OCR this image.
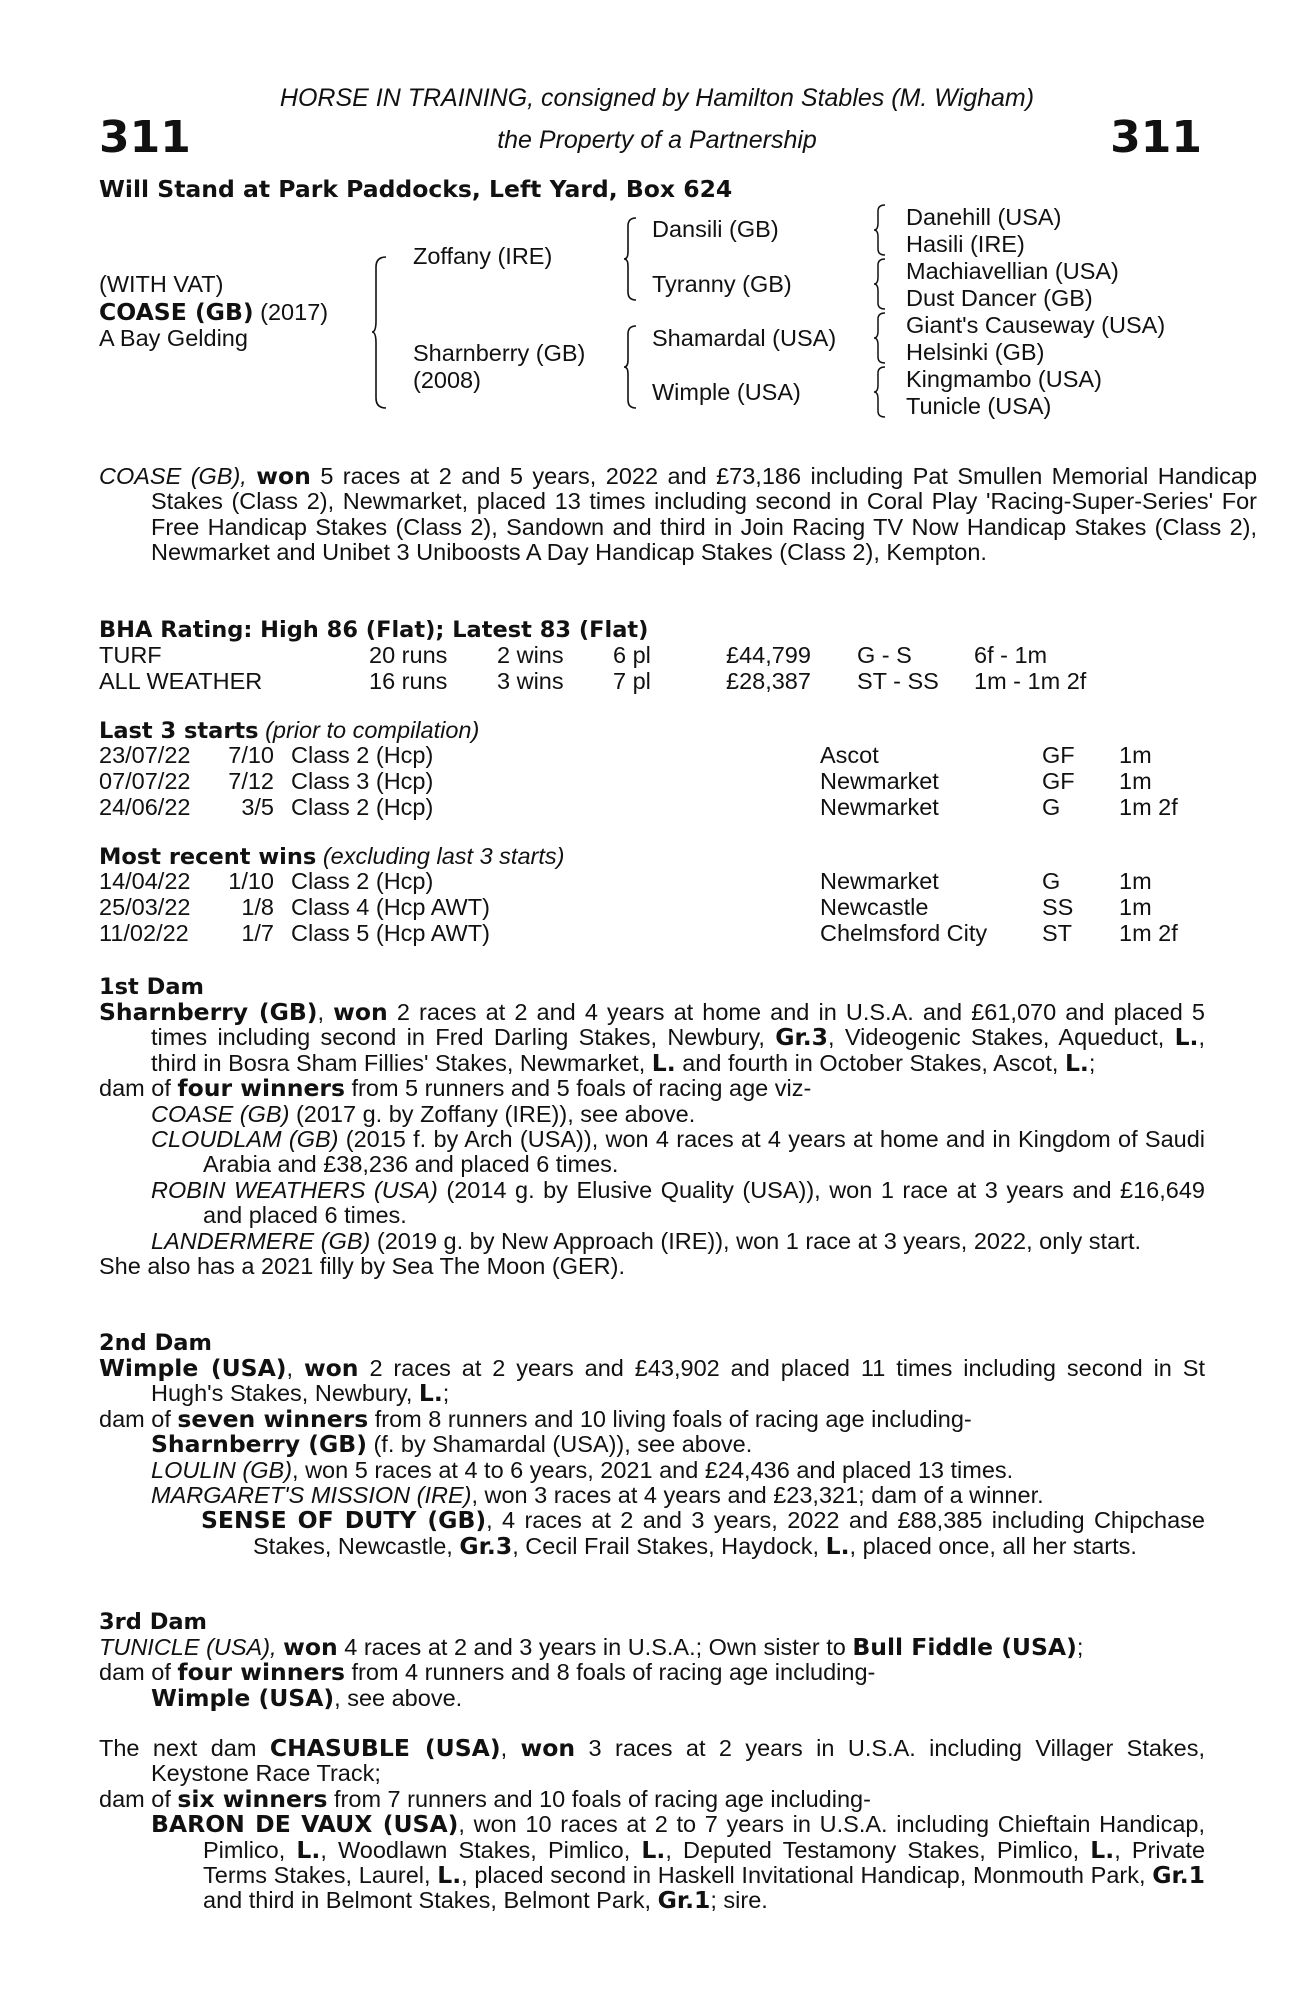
311	311
HORSE IN TRAINING, consigned by Hamilton Stables (M. Wigham)
the Property of a Partnership
Will Stand at Park Paddocks, Left Yard, Box 624
(WITH VAT)
COASE (GB) (2017)
A Bay Gelding
Zoffany (IRE)
Sharnberry (GB)
(2008)
Dansili (GB)
Tyranny (GB)
Shamardal (USA)
Wimple (USA)
Danehill (USA)
Hasili (IRE)
Machiavellian (USA)
Dust Dancer (GB)
Giant's Causeway (USA)
Helsinki (GB)
Kingmambo (USA)
Tunicle (USA)
COASE (GB), won 5 races at 2 and 5 years, 2022 and £73,186 including Pat Smullen Memorial Handicap Stakes (Class 2), Newmarket, placed 13 times including second in Coral Play 'Racing-Super-Series' For Free Handicap Stakes (Class 2), Sandown and third in Join Racing TV Now Handicap Stakes (Class 2), Newmarket and Unibet 3 Uniboosts A Day Handicap Stakes (Class 2), Kempton.
BHA Rating: High 86 (Flat); Latest 83 (Flat)
TURF	20 runs 2 wins 6 pl	£44,799 G - S	6f - 1m
ALL WEATHER	16 runs 3 wins 7 pl	£28,387 ST - SS 1m - 1m 2f
Last 3 starts (prior to compilation)
23/07/22	7/10 Class 2 (Hcp)	Ascot	GF 1m
07/07/22	7/12 Class 3 (Hcp)	Newmarket	GF 1m
24/06/22	3/5 Class 2 (Hcp)	Newmarket	G 1m 2f
Most recent wins (excluding last 3 starts)
14/04/22	1/10 Class 2 (Hcp)	Newmarket	G 1m
25/03/22	1/8 Class 4 (Hcp AWT)	Newcastle	SS 1m
11/02/22	1/7 Class 5 (Hcp AWT)	Chelmsford City ST 1m 2f
1st Dam

Sharnberry (GB), won 2 races at 2 and 4 years at home and in U.S.A. and £61,070 and placed 5 times including second in Fred Darling Stakes, Newbury, Gr.3, Videogenic Stakes, Aqueduct, L., third in Bosra Sham Fillies' Stakes, Newmarket, L. and fourth in October Stakes, Ascot, L.;

dam of four winners from 5 runners and 5 foals of racing age viz-

COASE (GB) (2017 g. by Zoffany (IRE)), see above.

CLOUDLAM (GB) (2015 f. by Arch (USA)), won 4 races at 4 years at home and in Kingdom of Saudi Arabia and £38,236 and placed 6 times.

ROBIN WEATHERS (USA) (2014 g. by Elusive Quality (USA)), won 1 race at 3 years and £16,649 and placed 6 times.

LANDERMERE (GB) (2019 g. by New Approach (IRE)), won 1 race at 3 years, 2022, only start.

She also has a 2021 filly by Sea The Moon (GER).

2nd Dam

Wimple (USA), won 2 races at 2 years and £43,902 and placed 11 times including second in St Hugh's Stakes, Newbury, L.;

dam of seven winners from 8 runners and 10 living foals of racing age including-

Sharnberry (GB) (f. by Shamardal (USA)), see above.

LOULIN (GB), won 5 races at 4 to 6 years, 2021 and £24,436 and placed 13 times.

MARGARET'S MISSION (IRE), won 3 races at 4 years and £23,321; dam of a winner.

SENSE OF DUTY (GB), 4 races at 2 and 3 years, 2022 and £88,385 including Chipchase Stakes, Newcastle, Gr.3, Cecil Frail Stakes, Haydock, L., placed once, all her starts.

3rd Dam

TUNICLE (USA), won 4 races at 2 and 3 years in U.S.A.; Own sister to Bull Fiddle (USA);

dam of four winners from 4 runners and 8 foals of racing age including-

Wimple (USA), see above.

The next dam CHASUBLE (USA), won 3 races at 2 years in U.S.A. including Villager Stakes, Keystone Race Track;

dam of six winners from 7 runners and 10 foals of racing age including-

BARON DE VAUX (USA), won 10 races at 2 to 7 years in U.S.A. including Chieftain Handicap, Pimlico, L., Woodlawn Stakes, Pimlico, L., Deputed Testamony Stakes, Pimlico, L., Private Terms Stakes, Laurel, L., placed second in Haskell Invitational Handicap, Monmouth Park, Gr.1 and third in Belmont Stakes, Belmont Park, Gr.1; sire.
